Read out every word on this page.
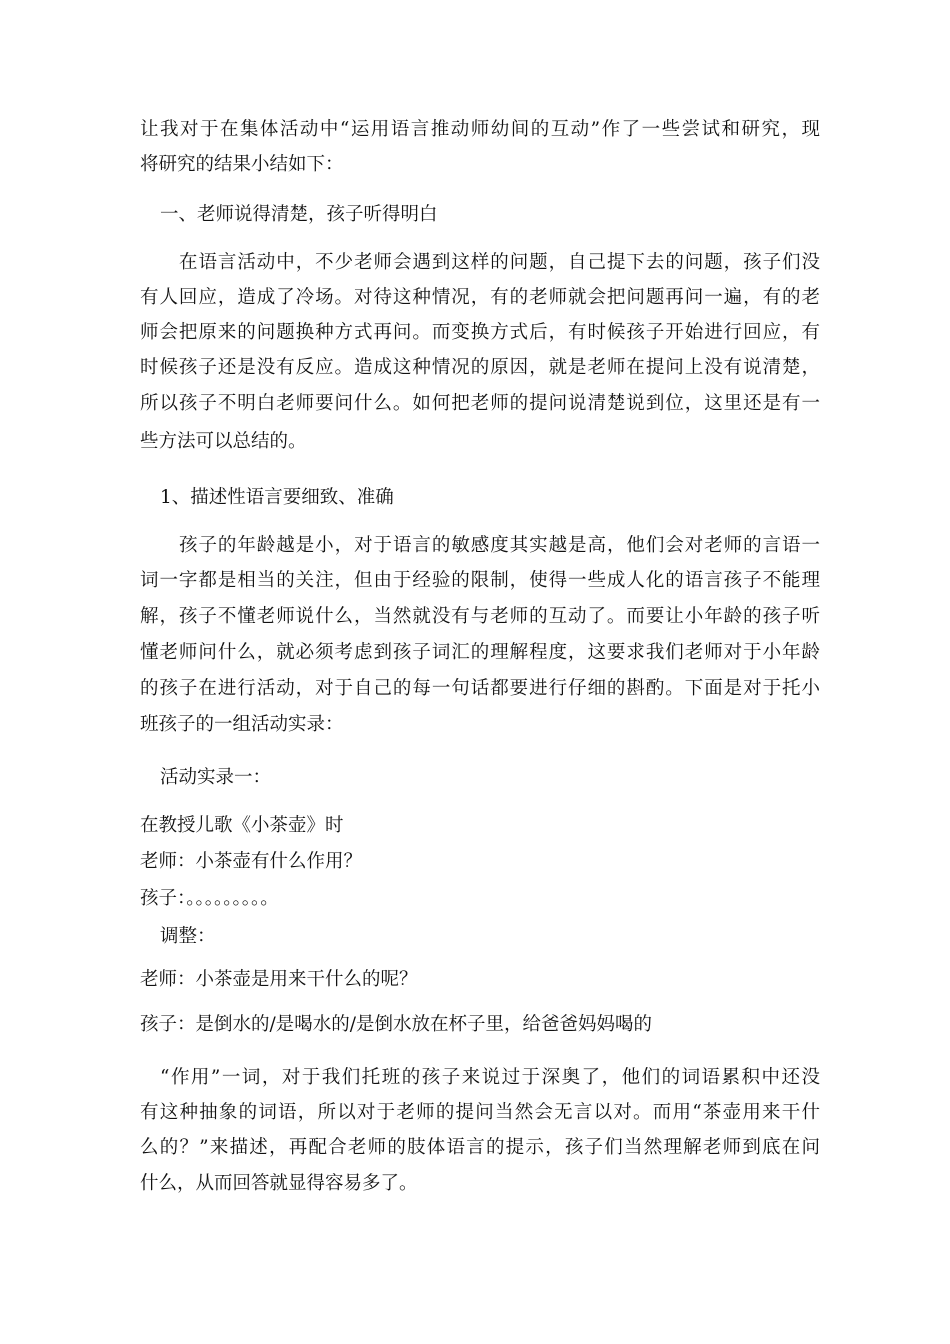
让我对于在集体活动中“运用语言推动师幼间的互动”作了一些尝试和研究，现
将研究的结果小结如下：
一、老师说得清楚，孩子听得明白
在语言活动中，不少老师会遇到这样的问题，自己提下去的问题，孩子们没
有人回应，造成了冷场。对待这种情况，有的老师就会把问题再问一遍，有的老
师会把原来的问题换种方式再问。而变换方式后，有时候孩子开始进行回应，有
时候孩子还是没有反应。造成这种情况的原因，就是老师在提问上没有说清楚，
所以孩子不明白老师要问什么。如何把老师的提问说清楚说到位，这里还是有一
些方法可以总结的。
1、描述性语言要细致、准确
孩子的年龄越是小，对于语言的敏感度其实越是高，他们会对老师的言语一
词一字都是相当的关注，但由于经验的限制，使得一些成人化的语言孩子不能理
解，孩子不懂老师说什么，当然就没有与老师的互动了。而要让小年龄的孩子听
懂老师问什么，就必须考虑到孩子词汇的理解程度，这要求我们老师对于小年龄
的孩子在进行活动，对于自己的每一句话都要进行仔细的斟酌。下面是对于托小
班孩子的一组活动实录：
活动实录一：
在教授儿歌《小茶壶》时
老师：小茶壶有什么作用？
孩子：。。。。。。。。。
调整：
老师：小茶壶是用来干什么的呢？
孩子：是倒水的/是喝水的/是倒水放在杯子里，给爸爸妈妈喝的
“作用”一词，对于我们托班的孩子来说过于深奥了，他们的词语累积中还没
有这种抽象的词语，所以对于老师的提问当然会无言以对。而用“茶壶用来干什
么的？”来描述，再配合老师的肢体语言的提示，孩子们当然理解老师到底在问
什么，从而回答就显得容易多了。
